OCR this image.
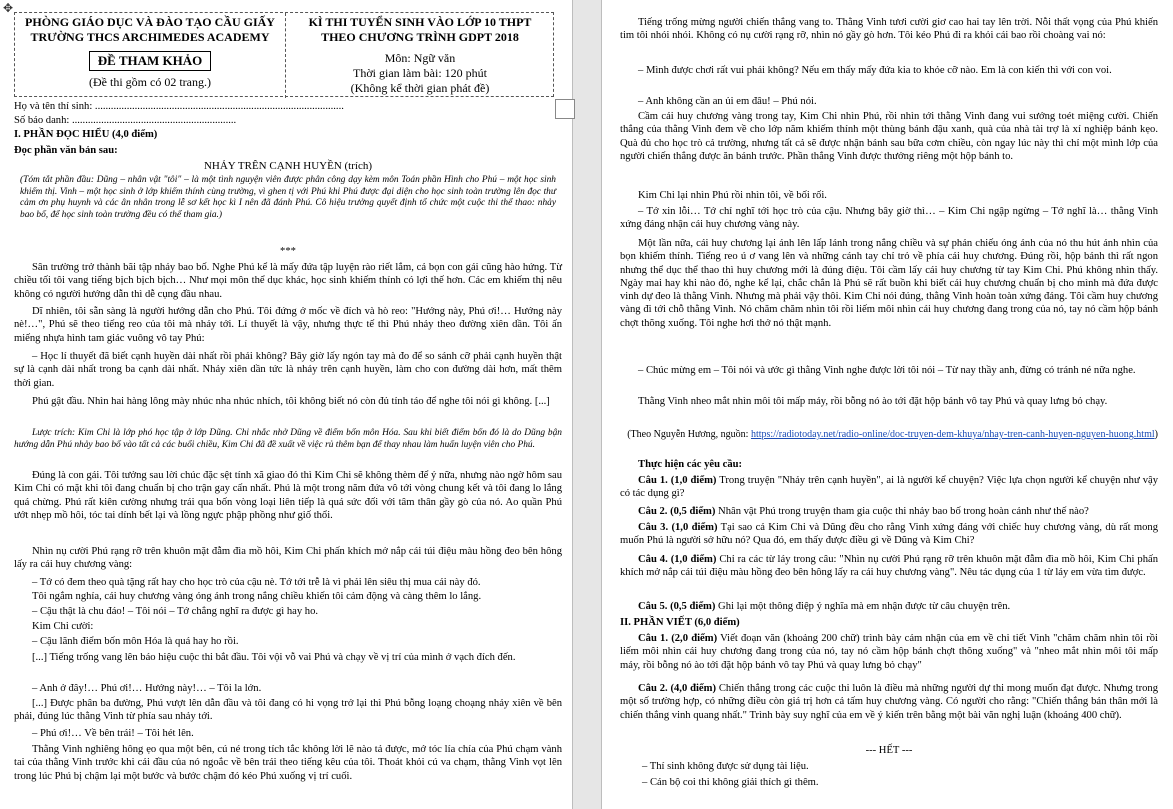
✥
PHÒNG GIÁO DỤC VÀ ĐÀO TẠO CẦU GIẤY
TRƯỜNG THCS ARCHIMEDES ACADEMY
ĐỀ THAM KHẢO
(Đề thi gồm có 02 trang.)
KÌ THI TUYỂN SINH VÀO LỚP 10 THPT
THEO CHƯƠNG TRÌNH GDPT 2018
Môn: Ngữ văn
Thời gian làm bài: 120 phút
(Không kể thời gian phát đề)
Họ và tên thí sinh: ..............................................................................................
Số báo danh: ..............................................................
I. PHẦN ĐỌC HIỂU (4,0 điểm)
Đọc phần văn bản sau:
NHẢY TRÊN CẠNH HUYỀN (trích)
(Tóm tắt phần đầu: Dũng – nhân vật "tôi" – là một tình nguyện viên được phân công dạy kèm môn Toán phần Hình cho Phú – một học sinh khiếm thị. Vinh – một học sinh ở lớp khiếm thính cùng trường, vì ghen tị với Phú khi Phú được đại diện cho học sinh toàn trường lên đọc thư cảm ơn phụ huynh và các ân nhân trong lễ sơ kết học kì I nên đã đánh Phú. Cô hiệu trưởng quyết định tổ chức một cuộc thi thể thao: nhảy bao bố, để học sinh toàn trường đều có thể tham gia.)
***
Sân trường trở thành bãi tập nhảy bao bố. Nghe Phú kể là mấy đứa tập luyện rào riết lắm, cả bọn con gái cũng hào hứng. Từ chiều tối tôi vang tiếng bịch bịch bịch… Như mọi môn thể dục khác, học sinh khiếm thính có lợi thế hơn. Các em khiếm thị nêu không có người hướng dẫn thì dễ cụng đầu nhau.
Dĩ nhiên, tôi sẵn sàng là người hướng dẫn cho Phú. Tôi đứng ở mốc về đích và hò reo: "Hướng này, Phú ơi!… Hướng này nè!…", Phú sẽ theo tiếng reo của tôi mà nhảy tới. Lí thuyết là vậy, nhưng thực tế thì Phú nhảy theo đường xiên dần. Tôi ấn miếng nhựa hình tam giác vuông vô tay Phú:
– Học lí thuyết đã biết cạnh huyền dài nhất rồi phải không? Bây giờ lấy ngón tay mà đo để so sánh cỡ phải cạnh huyền thật sự là cạnh dài nhất trong ba cạnh dài nhất. Nhảy xiên dần tức là nhảy trên cạnh huyền, làm cho con đường dài hơn, mất thêm thời gian.
Phú gật đầu. Nhìn hai hàng lông mày nhúc nha nhúc nhích, tôi không biết nó còn đủ tỉnh táo để nghe tôi nói gì không. [...]
Lược trích: Kim Chi là lớp phó học tập ở lớp Dũng. Chi nhắc nhở Dũng về điểm bốn môn Hóa. Sau khi biết điểm bốn đó là do Dũng bận hướng dẫn Phú nhảy bao bố vào tất cả các buổi chiều, Kim Chi đã đề xuất về việc rủ thêm bạn để thay nhau làm huấn luyện viên cho Phú.
Đúng là con gái. Tôi tưởng sau lời chúc đặc sệt tính xã giao đó thì Kim Chi sẽ không thèm để ý nữa, nhưng nào ngờ hôm sau Kim Chi có mặt khi tôi đang chuẩn bị cho trận gay cấn nhất. Phú là một trong năm đứa vô tới vòng chung kết và tôi đang lo lắng quá chừng. Phú rất kiên cường nhưng trái qua bốn vòng loại liên tiếp là quá sức đối với tâm thân gầy gò của nó. Ao quần Phú ướt nhẹp mồ hôi, tóc tai dính bết lại và lồng ngực phập phồng như giố thổi.
Nhìn nụ cười Phú rạng rỡ trên khuôn mặt đẫm đìa mồ hôi, Kim Chi phấn khích mở nắp cái túi điệu màu hồng đeo bên hông lấy ra cái huy chương vàng:
– Tớ có đem theo quà tặng rất hay cho học trò của cậu nè. Tớ tới trễ là vì phải lên siêu thị mua cái này đó.
Tôi ngắm nghía, cái huy chương vàng óng ánh trong nắng chiều khiến tôi cảm động và càng thêm lo lắng.
– Cậu thật là chu đáo! – Tôi nói – Tớ chẳng nghĩ ra được gì hay ho.
Kim Chi cười:
– Cậu lãnh điểm bốn môn Hóa là quá hay ho rồi.
[...] Tiếng trống vang lên báo hiệu cuộc thi bắt đầu. Tôi vội vỗ vai Phú và chạy về vị trí của mình ở vạch đích đến.
– Anh ở đây!… Phú ơi!… Hướng này!… – Tôi la lớn.
[...] Được phân ba đường, Phú vượt lên dẫn đầu và tôi đang có hi vọng trở lại thì Phú bỗng loạng choạng nhảy xiên về bên phải, đúng lúc thằng Vinh từ phía sau nhảy tới.
– Phú ơi!… Về bên trái! – Tôi hét lên.
Thằng Vinh nghiêng hông ẹo qua một bên, cú né trong tích tắc không lời lẽ nào tả được, mớ tóc lía chía của Phú chạm vành tai của thằng Vinh trước khi cái đầu của nó ngoắc về bên trái theo tiếng kêu của tôi. Thoát khỏi cú va chạm, thằng Vinh vọt lên trong lúc Phú bị chậm lại một bước và bước chậm đó kéo Phú xuống vị trí cuối.
Tiếng trống mừng người chiến thắng vang to. Thằng Vinh tươi cười giơ cao hai tay lên trời. Nỗi thất vọng của Phú khiến tim tôi nhói nhói. Không có nụ cười rạng rỡ, nhìn nó gầy gò hơn. Tôi kéo Phú đi ra khỏi cái bao rồi choàng vai nó:
– Mình được chơi rất vui phải không? Nếu em thấy mấy đứa kia to khỏe cỡ nào. Em là con kiến thì với con voi.
– Anh không cần an ủi em đâu! – Phú nói.
Cầm cái huy chương vàng trong tay, Kim Chi nhìn Phú, rồi nhìn tới thằng Vinh đang vui sướng toét miệng cười. Chiến thắng của thằng Vinh đem về cho lớp năm khiếm thính một thùng bánh đậu xanh, quà của nhà tài trợ là xí nghiệp bánh kẹo. Quà đủ cho học trò cả trường, nhưng tất cả sẽ được nhận bánh sau bữa cơm chiều, còn ngay lúc này thì chỉ một mình lớp của người chiến thắng được ăn bánh trước. Phần thắng Vinh được thưởng riêng một hộp bánh to.
Kim Chi lại nhìn Phú rồi nhìn tôi, về bối rối.
– Tớ xin lỗi… Tớ chỉ nghĩ tới học trò của cậu. Nhưng bây giờ thì… – Kim Chi ngập ngừng – Tớ nghĩ là… thằng Vinh xứng đáng nhận cái huy chương vàng này.
Một lần nữa, cái huy chương lại ánh lên lấp lánh trong nắng chiều và sự phản chiếu óng ánh của nó thu hút ánh nhìn của bọn khiếm thính. Tiếng reo ú ơ vang lên và những cánh tay chỉ trỏ về phía cái huy chương. Đúng rồi, hộp bánh thì rất ngon nhưng thể dục thể thao thì huy chương mới là đúng điệu. Tôi cầm lấy cái huy chương từ tay Kim Chi. Phú không nhìn thấy. Ngày mai hay khi nào đó, nghe kể lại, chắc chắn là Phú sẽ rất buồn khi biết cái huy chương chuẩn bị cho mình mà đứa được vinh dự đeo là thằng Vinh. Nhưng mà phải vậy thôi. Kim Chi nói đúng, thằng Vinh hoàn toàn xứng đáng. Tôi cầm huy chương vàng đi tới chỗ thằng Vinh. Nó chăm chăm nhìn tôi rồi liếm môi nhìn cái huy chương đang trong của nó, tay nó cầm hộp bánh chợt thõng xuống. Tôi nghe hơi thở nó thật mạnh.
– Chúc mừng em – Tôi nói và ước gì thằng Vinh nghe được lời tôi nói – Từ nay thầy anh, đừng có tránh né nữa nghe.
Thằng Vinh nheo mắt nhìn môi tôi mấp máy, rồi bỗng nó ào tới đặt hộp bánh vô tay Phú và quay lưng bỏ chạy.
(Theo Nguyễn Hương, nguồn: https://radiotoday.net/radio-online/doc-truyen-dem-khuya/nhay-tren-canh-huyen-nguyen-huong.html)
Thực hiện các yêu cầu:
Câu 1. (1,0 điểm) Trong truyện "Nhảy trên cạnh huyền", ai là người kể chuyện? Việc lựa chọn người kể chuyện như vậy có tác dụng gì?
Câu 2. (0,5 điểm) Nhân vật Phú trong truyện tham gia cuộc thi nhảy bao bố trong hoàn cảnh như thế nào?
Câu 3. (1,0 điểm) Tại sao cả Kim Chi và Dũng đều cho rằng Vinh xứng đáng với chiếc huy chương vàng, dù rất mong muốn Phú là người sở hữu nó? Qua đó, em thấy được điều gì về Dũng và Kim Chi?
Câu 4. (1,0 điểm) Chỉ ra các từ láy trong câu: "Nhìn nụ cười Phú rạng rỡ trên khuôn mặt đẫm đìa mồ hôi, Kim Chi phấn khích mở nắp cái túi điệu màu hồng đeo bên hông lấy ra cái huy chương vàng". Nêu tác dụng của 1 từ láy em vừa tìm được.
Câu 5. (0,5 điểm) Ghi lại một thông điệp ý nghĩa mà em nhận được từ câu chuyện trên.
II. PHẦN VIẾT (6,0 điểm)
Câu 1. (2,0 điểm) Viết đoạn văn (khoảng 200 chữ) trình bày cảm nhận của em về chi tiết Vinh "chăm chăm nhìn tôi rồi liếm môi nhìn cái huy chương đang trong của nó, tay nó cầm hộp bánh chợt thõng xuống" và "nheo mắt nhìn môi tôi mấp máy, rồi bỗng nó ào tới đặt hộp bánh vô tay Phú và quay lưng bỏ chạy"
Câu 2. (4,0 điểm) Chiến thắng trong các cuộc thi luôn là điều mà những người dự thi mong muốn đạt được. Nhưng trong một số trường hợp, có những điều còn giá trị hơn cả tấm huy chương vàng. Có người cho rằng: "Chiến thắng bản thân mới là chiến thắng vinh quang nhất." Trình bày suy nghĩ của em về ý kiến trên bằng một bài văn nghị luận (khoảng 400 chữ).
--- HẾT ---
– Thí sinh không được sử dụng tài liệu.
– Cán bộ coi thi không giải thích gì thêm.
